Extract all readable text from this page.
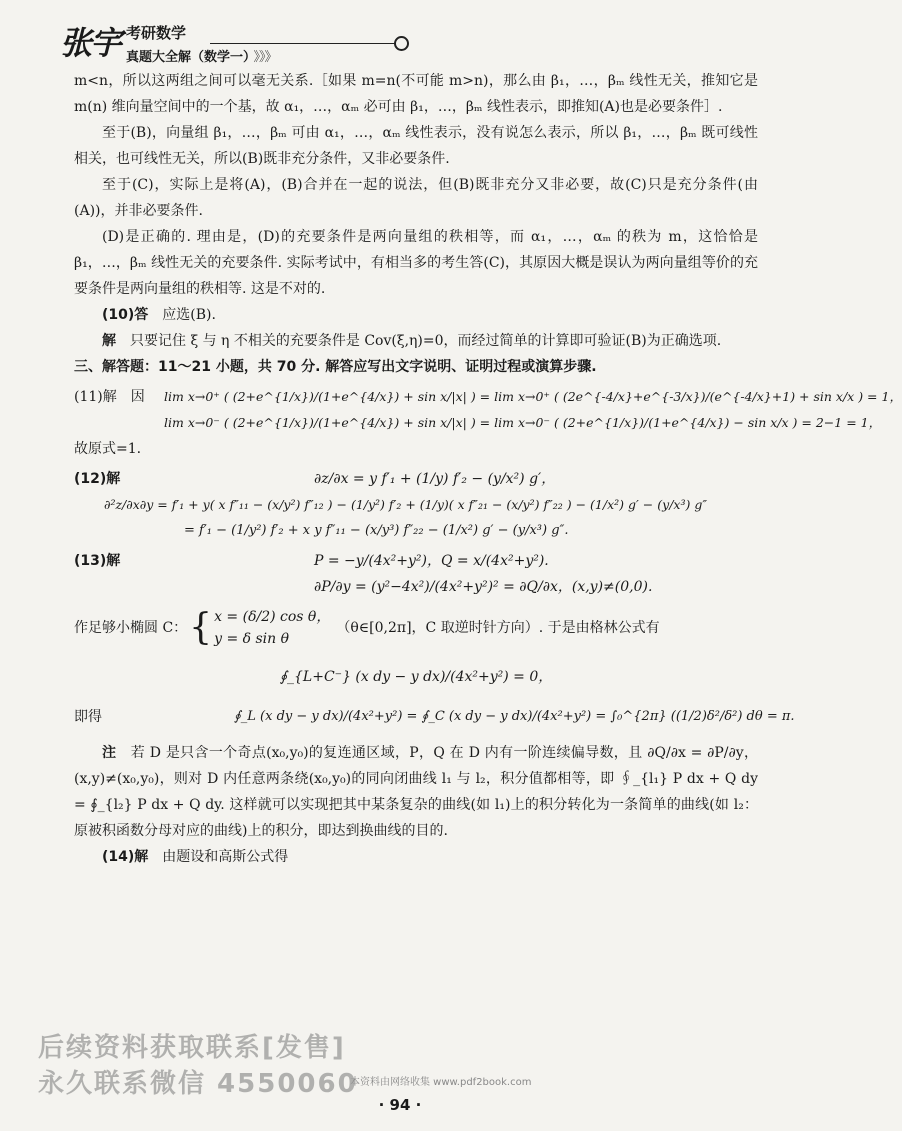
张宇 考研数学
真题大全解（数学一） 》》》

m<n，所以这两组之间可以毫无关系.［如果 m=n(不可能 m>n)，那么由 β₁，…，βₘ 线性无关，推知它是 m(n) 维向量空间中的一个基，故 α₁，…，αₘ 必可由 β₁，…，βₘ 线性表示，即推知(A)也是必要条件］.

至于(B)，向量组 β₁，…，βₘ 可由 α₁，…，αₘ 线性表示，没有说怎么表示，所以 β₁，…，βₘ 既可线性相关，也可线性无关，所以(B)既非充分条件，又非必要条件.

至于(C)，实际上是将(A)，(B)合并在一起的说法，但(B)既非充分又非必要，故(C)只是充分条件(由(A))，并非必要条件.

(D)是正确的. 理由是，(D)的充要条件是两向量组的秩相等，而 α₁，…，αₘ 的秩为 m，这恰恰是 β₁，…，βₘ 线性无关的充要条件. 实际考试中，有相当多的考生答(C)，其原因大概是误认为两向量组等价的充要条件是两向量组的秩相等. 这是不对的.

(10)答　 应选(B).

解　 只要记住 ξ 与 η 不相关的充要条件是 Cov(ξ,η)=0，而经过简单的计算即可验证(B)为正确选项.

三、解答题：11～21 小题，共 70 分. 解答应写出文字说明、证明过程或演算步骤.

(11)解　因	lim x→0⁺ ( (2+e^{1/x})/(1+e^{4/x}) + sin x/|x| ) = lim x→0⁺ ( (2e^{-4/x}+e^{-3/x})/(e^{-4/x}+1) + sin x/x ) = 1，
lim x→0⁻ ( (2+e^{1/x})/(1+e^{4/x}) + sin x/|x| ) = lim x→0⁻ ( (2+e^{1/x})/(1+e^{4/x}) − sin x/x ) = 2−1 = 1，

故原式=1.

(12)解	∂z/∂x = y f′₁ + (1/y) f′₂ − (y/x²) g′，
∂²z/∂x∂y = f′₁ + y( x f″₁₁ − (x/y²) f″₁₂ ) − (1/y²) f′₂ + (1/y)( x f″₂₁ − (x/y²) f″₂₂ ) − (1/x²) g′ − (y/x³) g″
= f′₁ − (1/y²) f′₂ + x y f″₁₁ − (x/y³) f″₂₂ − (1/x²) g′ − (y/x³) g″.
(13)解	P = −y/(4x²+y²)，Q = x/(4x²+y²).
∂P/∂y = (y²−4x²)/(4x²+y²)² = ∂Q/∂x，(x,y)≠(0,0).
作足够小椭圆 C： { x = (δ/2) cos θ，
y = δ sin θ
（θ∈[0,2π]，C 取逆时针方向）. 于是由格林公式有
∮_{L+C⁻} (x dy − y dx)/(4x²+y²) = 0，
即得	∮_L (x dy − y dx)/(4x²+y²) = ∮_C (x dy − y dx)/(4x²+y²) = ∫₀^{2π} ((1/2)δ²/δ²) dθ = π.

注　 若 D 是只含一个奇点(x₀,y₀)的复连通区域，P，Q 在 D 内有一阶连续偏导数，且 ∂Q/∂x = ∂P/∂y，(x,y)≠(x₀,y₀)，则对 D 内任意两条绕(x₀,y₀)的同向闭曲线 l₁ 与 l₂，积分值都相等，即 ∮_{l₁} P dx + Q dy = ∮_{l₂} P dx + Q dy. 这样就可以实现把其中某条复杂的曲线(如 l₁)上的积分转化为一条简单的曲线(如 l₂：原被积函数分母对应的曲线)上的积分，即达到换曲线的目的.

(14)解　 由题设和高斯公式得

后续资料获取联系[发售]
永久联系微信 4550060
本资料由网络收集 www.pdf2book.com
· 94 ·
